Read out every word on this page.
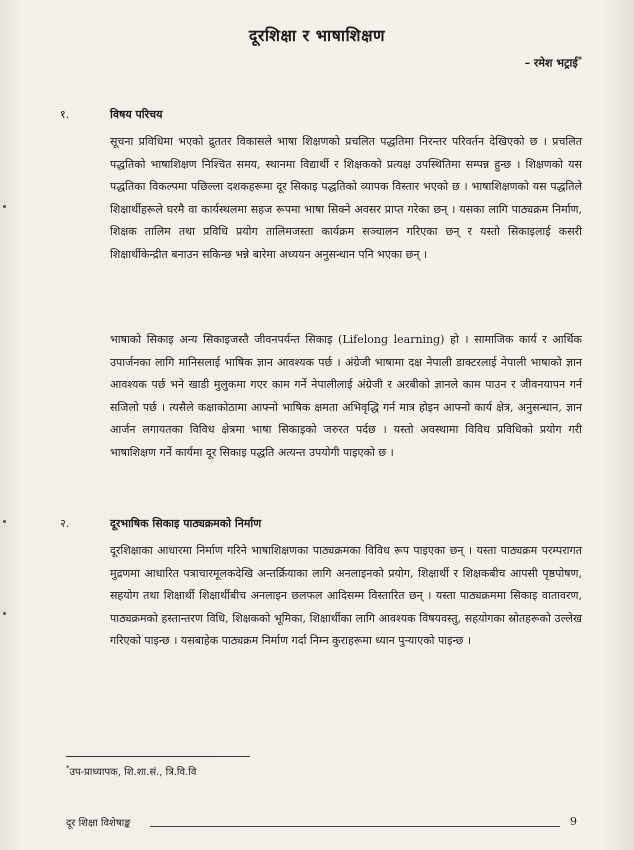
दूरशिक्षा र भाषाशिक्षण
– रमेश भट्राई*
१.	विषय परिचय
सूचना प्रविधिमा भएको द्रुततर विकासले भाषा शिक्षणको प्रचलित पद्धतिमा निरन्तर परिवर्तन देखिएको छ । प्रचलित पद्धतिको भाषाशिक्षण निश्चित समय, स्थानमा विद्यार्थी र शिक्षकको प्रत्यक्ष उपस्थितिमा सम्पन्न हुन्छ । शिक्षणको यस पद्धतिका विकल्पमा पछिल्ला दशकहरूमा दूर सिकाइ पद्धतिको व्यापक विस्तार भएको छ । भाषाशिक्षणको यस पद्धतिले शिक्षार्थीहरूले घरमै वा कार्यस्थलमा सहज रूपमा भाषा सिक्ने अवसर प्राप्त गरेका छन् । यसका लागि पाठ्यक्रम निर्माण, शिक्षक तालिम तथा प्रविधि प्रयोग तालिमजस्ता कार्यक्रम सञ्चालन गरिएका छन् र यस्तो सिकाइलाई कसरी शिक्षार्थीकेन्द्रीत बनाउन सकिन्छ भन्ने बारेमा अध्ययन अनुसन्धान पनि भएका छन् ।
भाषाको सिकाइ अन्य सिकाइजस्तै जीवनपर्यन्त सिकाइ (Lifelong learning) हो । सामाजिक कार्य र आर्थिक उपार्जनका लागि मानिसलाई भाषिक ज्ञान आवश्यक पर्छ । अंग्रेजी भाषामा दक्ष नेपाली डाक्टरलाई नेपाली भाषाको ज्ञान आवश्यक पर्छ भने खाडी मुलुकमा गएर काम गर्ने नेपालीलाई अंग्रेजी र अरबीको ज्ञानले काम पाउन र जीवनयापन गर्न सजिलो पर्छ । त्यसैले कक्षाकोठामा आफ्नो भाषिक क्षमता अभिवृद्धि गर्न मात्र होइन आफ्नो कार्य क्षेत्र, अनुसन्धान, ज्ञान आर्जन लगायतका विविध क्षेत्रमा भाषा सिकाइको जरुरत पर्दछ । यस्तो अवस्थामा विविध प्रविधिको प्रयोग गरी भाषाशिक्षण गर्ने कार्यमा दूर सिकाइ पद्धति अत्यन्त उपयोगी पाइएको छ ।
२.	दूरभाषिक सिकाइ पाठ्यक्रमको निर्माण
दूरशिक्षाका आधारमा निर्माण गरिने भाषाशिक्षणका पाठ्यक्रमका विविध रूप पाइएका छन् । यस्ता पाठ्यक्रम परम्परागत मुद्रणमा आधारित पत्राचारमूलकदेखि अन्तर्क्रियाका लागि अनलाइनको प्रयोग, शिक्षार्थी र शिक्षकबीच आपसी पृष्ठपोषण, सहयोग तथा शिक्षार्थी शिक्षार्थीबीच अनलाइन छलफल आदिसम्म विस्तारित छन् । यस्ता पाठ्यक्रममा सिकाइ वातावरण, पाठ्यक्रमको हस्तान्तरण विधि, शिक्षकको भूमिका, शिक्षार्थीका लागि आवश्यक विषयवस्तु, सहयोगका स्रोतहरूको उल्लेख गरिएको पाइन्छ । यसबाहेक पाठ्यक्रम निर्माण गर्दा निम्न कुराहरूमा ध्यान पुऱ्याएको पाइन्छ ।
*उप-प्राध्यापक, शि.शा.सं., त्रि.वि.वि
दूर शिक्षा विशेषाङ्क	9
